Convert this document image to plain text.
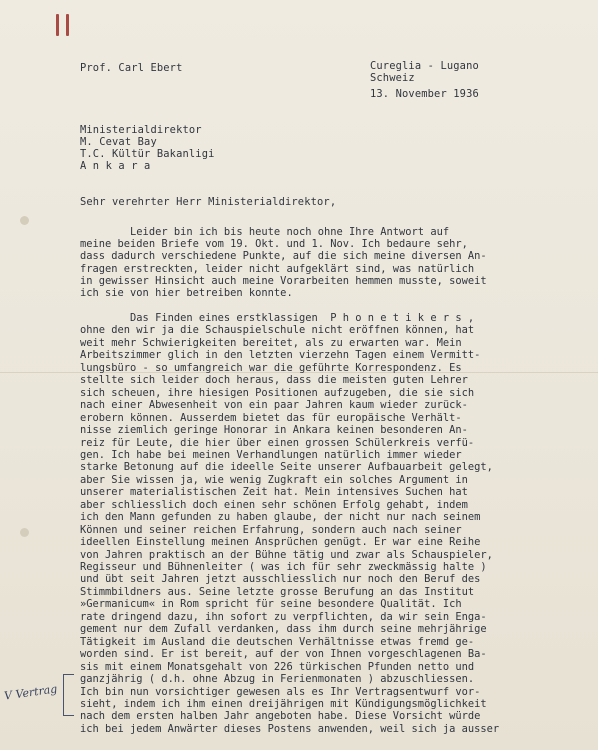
Prof. Carl Ebert	Cureglia - Lugano
Schweiz
13. November 1936
Ministerialdirektor
M. Cevat Bay
T.C. Kültür Bakanligi
A n k a r a
Sehr verehrter Herr Ministerialdirektor,
Leider bin ich bis heute noch ohne Ihre Antwort auf
meine beiden Briefe vom 19. Okt. und 1. Nov. Ich bedaure sehr,
dass dadurch verschiedene Punkte, auf die sich meine diversen An-
fragen erstreckten, leider nicht aufgeklärt sind, was natürlich
in gewisser Hinsicht auch meine Vorarbeiten hemmen musste, soweit
ich sie von hier betreiben konnte.
Das Finden eines erstklassigen  P h o n e t i k e r s ,
ohne den wir ja die Schauspielschule nicht eröffnen können, hat
weit mehr Schwierigkeiten bereitet, als zu erwarten war. Mein
Arbeitszimmer glich in den letzten vierzehn Tagen einem Vermitt-
lungsbüro - so umfangreich war die geführte Korrespondenz. Es
stellte sich leider doch heraus, dass die meisten guten Lehrer
sich scheuen, ihre hiesigen Positionen aufzugeben, die sie sich
nach einer Abwesenheit von ein paar Jahren kaum wieder zurück-
erobern können. Ausserdem bietet das für europäische Verhält-
nisse ziemlich geringe Honorar in Ankara keinen besonderen An-
reiz für Leute, die hier über einen grossen Schülerkreis verfü-
gen. Ich habe bei meinen Verhandlungen natürlich immer wieder
starke Betonung auf die ideelle Seite unserer Aufbauarbeit gelegt,
aber Sie wissen ja, wie wenig Zugkraft ein solches Argument in
unserer materialistischen Zeit hat. Mein intensives Suchen hat
aber schliesslich doch einen sehr schönen Erfolg gehabt, indem
ich den Mann gefunden zu haben glaube, der nicht nur nach seinem
Können und seiner reichen Erfahrung, sondern auch nach seiner
ideellen Einstellung meinen Ansprüchen genügt. Er war eine Reihe
von Jahren praktisch an der Bühne tätig und zwar als Schauspieler,
Regisseur und Bühnenleiter ( was ich für sehr zweckmässig halte )
und übt seit Jahren jetzt ausschliesslich nur noch den Beruf des
Stimmbildners aus. Seine letzte grosse Berufung an das Institut
»Germanicum« in Rom spricht für seine besondere Qualität. Ich
rate dringend dazu, ihn sofort zu verpflichten, da wir sein Enga-
gement nur dem Zufall verdanken, dass ihm durch seine mehrjährige
Tätigkeit im Ausland die deutschen Verhältnisse etwas fremd ge-
worden sind. Er ist bereit, auf der von Ihnen vorgeschlagenen Ba-
sis mit einem Monatsgehalt von 226 türkischen Pfunden netto und
ganzjährig ( d.h. ohne Abzug in Ferienmonaten ) abzuschliessen.
Ich bin nun vorsichtiger gewesen als es Ihr Vertragsentwurf vor-
sieht, indem ich ihm einen dreijährigen mit Kündigungsmöglichkeit
nach dem ersten halben Jahr angeboten habe. Diese Vorsicht würde
ich bei jedem Anwärter dieses Postens anwenden, weil sich ja ausser
V Vertrag
